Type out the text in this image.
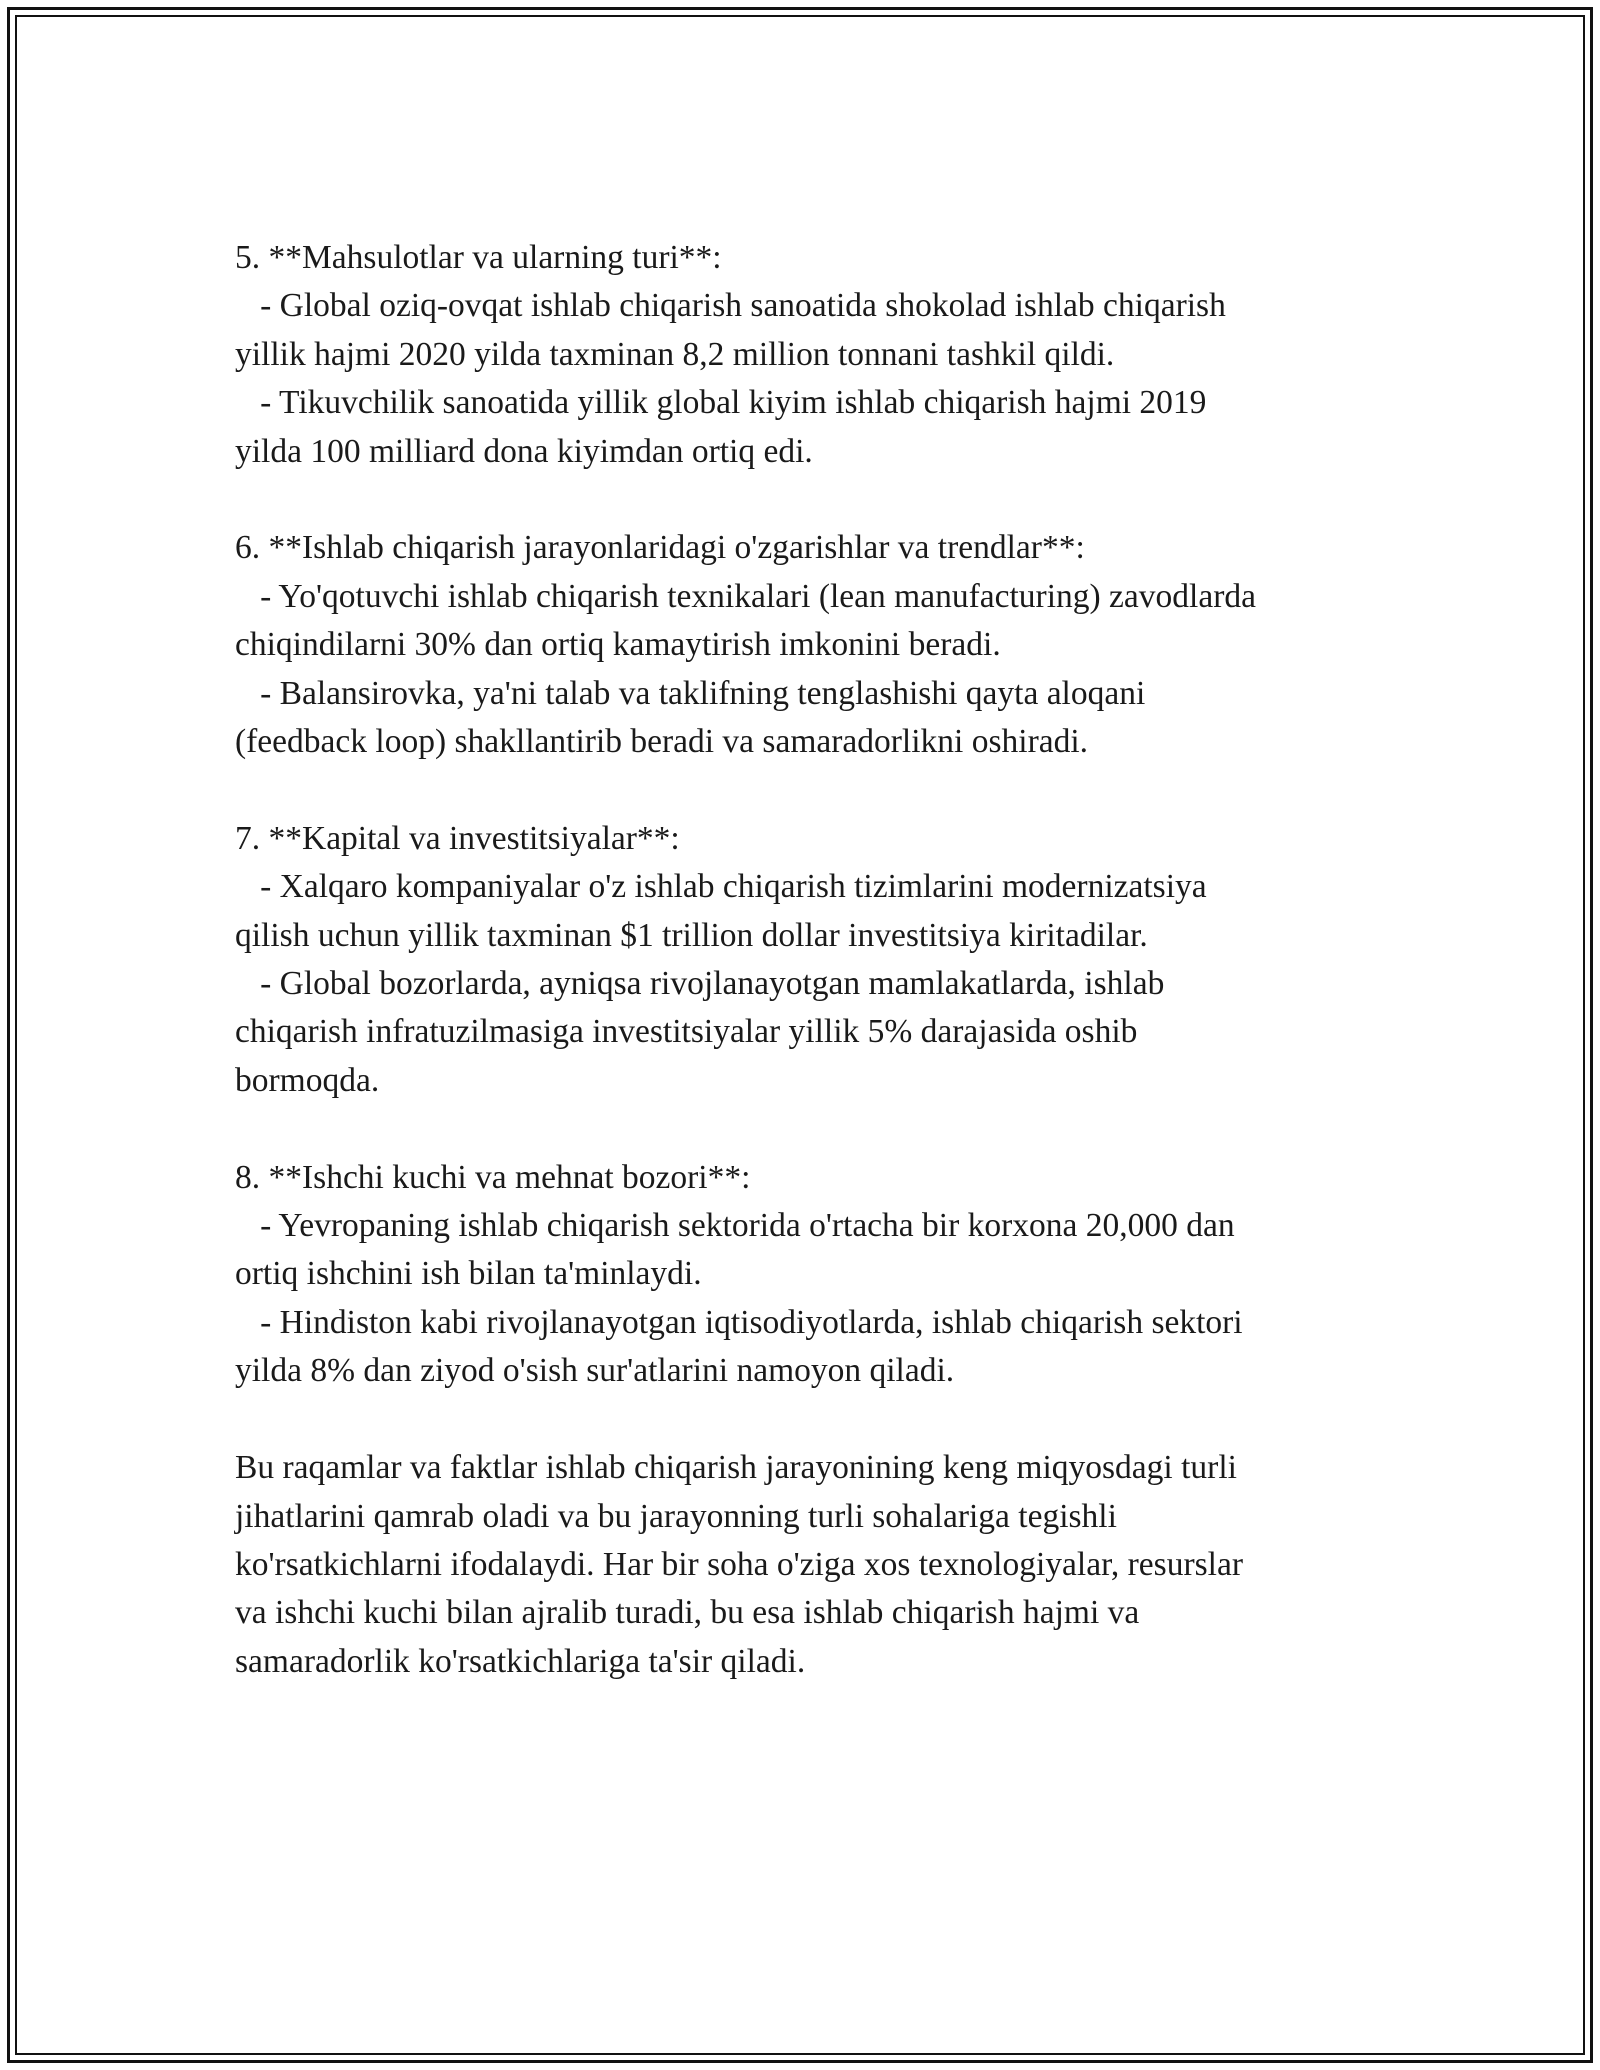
5. **Mahsulotlar va ularning turi**:
- Global oziq-ovqat ishlab chiqarish sanoatida shokolad ishlab chiqarish
yillik hajmi 2020 yilda taxminan 8,2 million tonnani tashkil qildi.
- Tikuvchilik sanoatida yillik global kiyim ishlab chiqarish hajmi 2019
yilda 100 milliard dona kiyimdan ortiq edi.
6. **Ishlab chiqarish jarayonlaridagi o'zgarishlar va trendlar**:
- Yo'qotuvchi ishlab chiqarish texnikalari (lean manufacturing) zavodlarda
chiqindilarni 30% dan ortiq kamaytirish imkonini beradi.
- Balansirovka, ya'ni talab va taklifning tenglashishi qayta aloqani
(feedback loop) shakllantirib beradi va samaradorlikni oshiradi.
7. **Kapital va investitsiyalar**:
- Xalqaro kompaniyalar o'z ishlab chiqarish tizimlarini modernizatsiya
qilish uchun yillik taxminan $1 trillion dollar investitsiya kiritadilar.
- Global bozorlarda, ayniqsa rivojlanayotgan mamlakatlarda, ishlab
chiqarish infratuzilmasiga investitsiyalar yillik 5% darajasida oshib
bormoqda.
8. **Ishchi kuchi va mehnat bozori**:
- Yevropaning ishlab chiqarish sektorida o'rtacha bir korxona 20,000 dan
ortiq ishchini ish bilan ta'minlaydi.
- Hindiston kabi rivojlanayotgan iqtisodiyotlarda, ishlab chiqarish sektori
yilda 8% dan ziyod o'sish sur'atlarini namoyon qiladi.
Bu raqamlar va faktlar ishlab chiqarish jarayonining keng miqyosdagi turli
jihatlarini qamrab oladi va bu jarayonning turli sohalariga tegishli
ko'rsatkichlarni ifodalaydi. Har bir soha o'ziga xos texnologiyalar, resurslar
va ishchi kuchi bilan ajralib turadi, bu esa ishlab chiqarish hajmi va
samaradorlik ko'rsatkichlariga ta'sir qiladi.
